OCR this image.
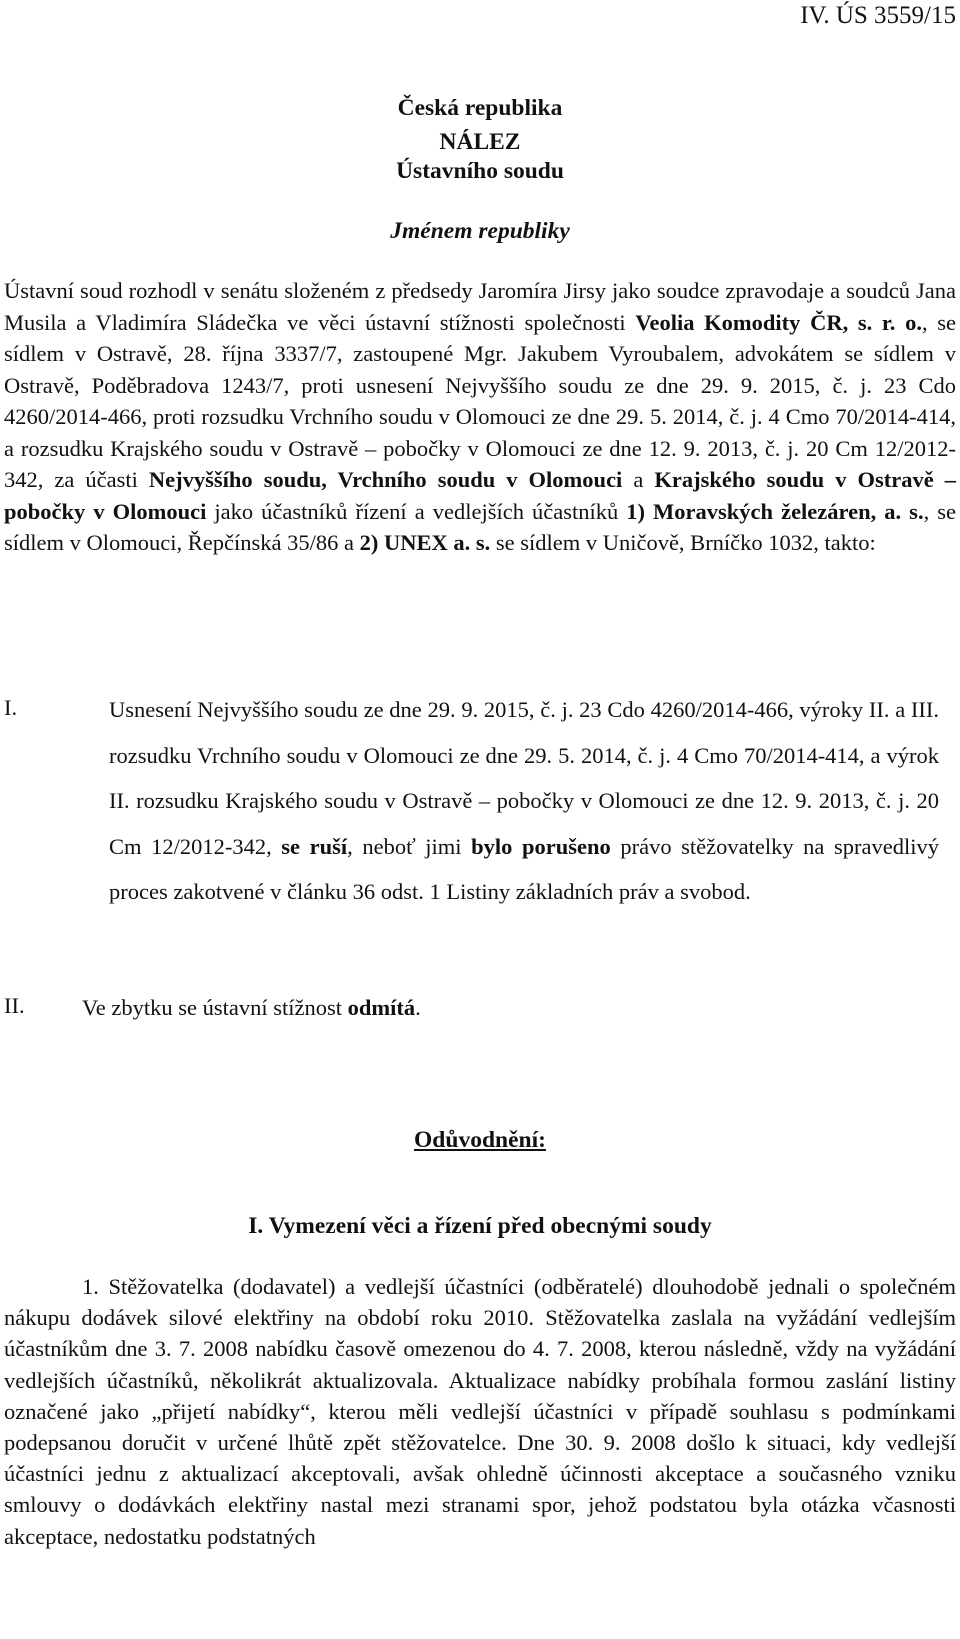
IV. ÚS 3559/15
Česká republika
NÁLEZ
Ústavního soudu
Jménem republiky
Ústavní soud rozhodl v senátu složeném z předsedy Jaromíra Jirsy jako soudce zpravodaje a soudců Jana Musila a Vladimíra Sládečka ve věci ústavní stížnosti společnosti Veolia Komodity ČR, s. r. o., se sídlem v Ostravě, 28. října 3337/7, zastoupené Mgr. Jakubem Vyroubalem, advokátem se sídlem v Ostravě, Poděbradova 1243/7, proti usnesení Nejvyššího soudu ze dne 29. 9. 2015, č. j. 23 Cdo 4260/2014-466, proti rozsudku Vrchního soudu v Olomouci ze dne 29. 5. 2014, č. j. 4 Cmo 70/2014-414, a rozsudku Krajského soudu v Ostravě – pobočky v Olomouci ze dne 12. 9. 2013, č. j. 20 Cm 12/2012-342, za účasti Nejvyššího soudu, Vrchního soudu v Olomouci a Krajského soudu v Ostravě – pobočky v Olomouci jako účastníků řízení a vedlejších účastníků 1) Moravských železáren, a. s., se sídlem v Olomouci, Řepčínská 35/86 a 2) UNEX a. s. se sídlem v Uničově, Brníčko 1032, takto:
I.	Usnesení Nejvyššího soudu ze dne 29. 9. 2015, č. j. 23 Cdo 4260/2014-466, výroky II. a III. rozsudku Vrchního soudu v Olomouci ze dne 29. 5. 2014, č. j. 4 Cmo 70/2014-414, a výrok II. rozsudku Krajského soudu v Ostravě – pobočky v Olomouci ze dne 12. 9. 2013, č. j. 20 Cm 12/2012-342, se ruší, neboť jimi bylo porušeno právo stěžovatelky na spravedlivý proces zakotvené v článku 36 odst. 1 Listiny základních práv a svobod.
II.	Ve zbytku se ústavní stížnost odmítá.
Odůvodnění:
I. Vymezení věci a řízení před obecnými soudy
1. Stěžovatelka (dodavatel) a vedlejší účastníci (odběratelé) dlouhodobě jednali o společném nákupu dodávek silové elektřiny na období roku 2010. Stěžovatelka zaslala na vyžádání vedlejším účastníkům dne 3. 7. 2008 nabídku časově omezenou do 4. 7. 2008, kterou následně, vždy na vyžádání vedlejších účastníků, několikrát aktualizovala. Aktualizace nabídky probíhala formou zaslání listiny označené jako „přijetí nabídky“, kterou měli vedlejší účastníci v případě souhlasu s podmínkami podepsanou doručit v určené lhůtě zpět stěžovatelce. Dne 30. 9. 2008 došlo k situaci, kdy vedlejší účastníci jednu z aktualizací akceptovali, avšak ohledně účinnosti akceptace a současného vzniku smlouvy o dodávkách elektřiny nastal mezi stranami spor, jehož podstatou byla otázka včasnosti akceptace, nedostatku podstatných
